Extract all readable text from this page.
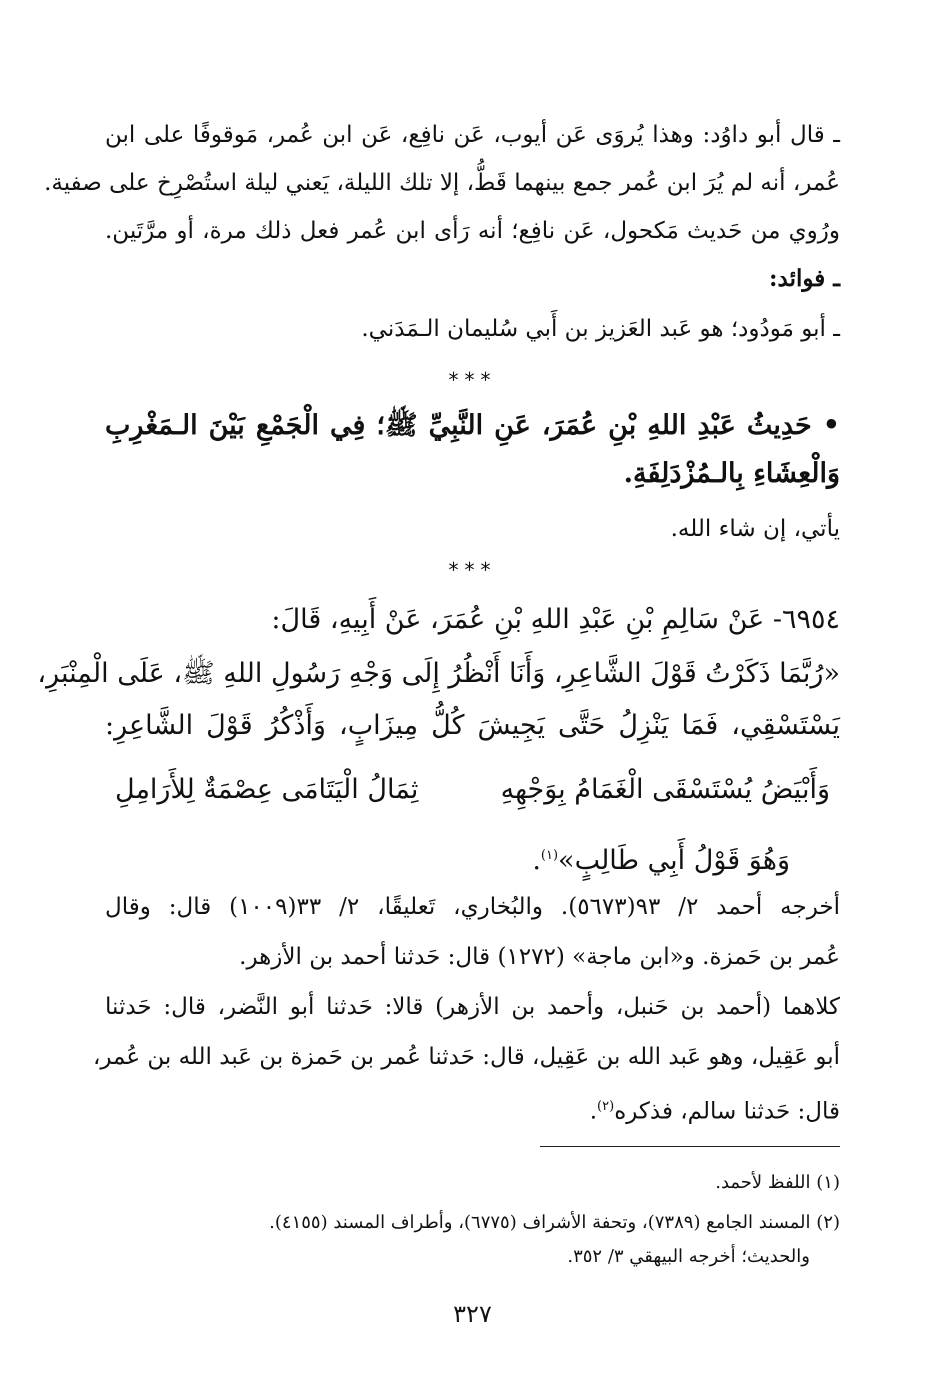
ـ قال أبو داوُد: وهذا يُروَى عَن أيوب، عَن نافِع، عَن ابن عُمر، مَوقوفًا على ابن
عُمر، أنه لم يُرَ ابن عُمر جمع بينهما قَطُّ، إلا تلك الليلة، يَعني ليلة استُصْرِخ على صفية.
ورُوي من حَديث مَكحول، عَن نافِع؛ أنه رَأى ابن عُمر فعل ذلك مرة، أو مرَّتَين.
ـ فوائد:
ـ أبو مَودُود؛ هو عَبد العَزيز بن أَبي سُليمان الـمَدَني.
***
• حَدِيثُ عَبْدِ اللهِ بْنِ عُمَرَ، عَنِ النَّبِيِّ ﷺ؛ فِي الْجَمْعِ بَيْنَ الـمَغْرِبِ
وَالْعِشَاءِ بِالـمُزْدَلِفَةِ.
يأتي، إن شاء الله.
***
٦٩٥٤- عَنْ سَالِمِ بْنِ عَبْدِ اللهِ بْنِ عُمَرَ، عَنْ أَبِيهِ، قَالَ:
«رُبَّمَا ذَكَرْتُ قَوْلَ الشَّاعِرِ، وَأَنَا أَنْظُرُ إِلَى وَجْهِ رَسُولِ اللهِ ﷺ، عَلَى الْمِنْبَرِ،
يَسْتَسْقِي، فَمَا يَنْزِلُ حَتَّى يَجِيشَ كُلُّ مِيزَابٍ، وَأَذْكُرُ قَوْلَ الشَّاعِرِ:
وَأَبْيَضُ يُسْتَسْقَى الْغَمَامُ بِوَجْهِهِ
ثِمَالُ الْيَتَامَى عِصْمَةٌ لِلأَرَامِلِ
وَهُوَ قَوْلُ أَبِي طَالِبٍ»$^{(١)}$.
أخرجه أحمد ٢/ ٩٣(٥٦٧٣). والبُخاري، تَعليقًا، ٢/ ٣٣(١٠٠٩) قال: وقال
عُمر بن حَمزة. و«ابن ماجة» (١٢٧٢) قال: حَدثنا أحمد بن الأزهر.
كلاهما (أحمد بن حَنبل، وأحمد بن الأزهر) قالا: حَدثنا أبو النَّضر، قال: حَدثنا
أبو عَقِيل، وهو عَبد الله بن عَقِيل، قال: حَدثنا عُمر بن حَمزة بن عَبد الله بن عُمر،
قال: حَدثنا سالم، فذكره$^{(٢)}$.
(١) اللفظ لأحمد.
(٢) المسند الجامع (٧٣٨٩)، وتحفة الأشراف (٦٧٧٥)، وأطراف المسند (٤١٥٥).
والحديث؛ أخرجه البيهقي ٣/ ٣٥٢.
٣٢٧
